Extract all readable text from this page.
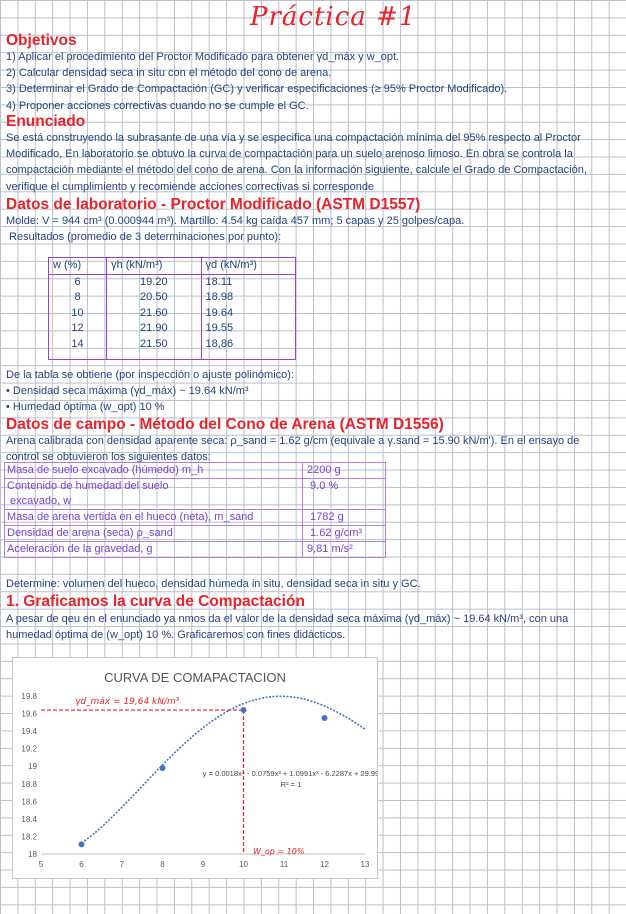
Práctica #1
Objetivos

1) Aplicar el procedimiento del Proctor Modificado para obtener γd_máx y w_opt.

2) Calcular densidad seca in situ con el método del cono de arena.

3) Determinar el Grado de Compactación (GC) y verificar especificaciones (≥ 95% Proctor Modificado).

4) Proponer acciones correctivas cuando no se cumple el GC.

Enunciado

Se está construyendo la subrasante de una vía y se especifica una compactación mínima del 95% respecto al Proctor

Modificado, En laboratorio se obtuvo la curva de compactación para un suelo arenoso limoso. En obra se controla la

compactación mediante el método del cono de arena. Con la información siguiente, calcule el Grado de Compactación,

verifique el cumplimiento y recomiende acciones correctivas si corresponde

Datos de laboratorio - Proctor Modificado (ASTM D1557)

Molde: V = 944 cm³ (0.000944 m³). Martillo: 4.54 kg caída 457 mm; 5 capas y 25 golpes/capa.

Resultados (promedio de 3 determinaciones por punto):

w (%)	γh (kN/m³)	γd (kN/m³)
6	19.20	18.11
8	20.50	18.98
10	21.60	19.64
12	21.90	19.55
14	21.50	18,86

De la tabla se obtiene (por inspección o ajuste polinómico):

• Densidad seca máxima (γd_máx) ~ 19.64 kN/m³

• Humedad óptima (w_opt) 10 %

Datos de campo - Método del Cono de Arena (ASTM D1556)

Arena calibrada con densidad aparente seca: ρ_sand = 1.62 g/cm (equivale a γ.sand = 15.90 kN/m'). En el ensayo de

control se obtuvieron los siguientes datos:

Masa de suelo excavado (húmedo) m_h	2200 g
Contenido de humedad del suelo
excavado, w	9.0 %
Masa de arena vertida en el hueco (neta), m_sand	1782 g
Densidad de arena (seca) ρ_sand	1.62 g/cm³
Aceleración de la gravedad, g	9,81 m/s²
Determine: volumen del hueco, densidad húmeda in situ, densidad seca in situ y GC.
1. Graficamos la curva de Compactación

A pesar de qeu en el enunciado ya nmos da el valor de la densidad seca máxima (γd_máx) ~ 19.64 kN/m³, con una

humedad óptima de (w_opt) 10 %. Graficaremos con fines didácticos.

CURVA DE COMAPACTACION
18
18.2
18.4
18.6
18.8
19
19.2
19.4
19.6
19.8
5	6	7	8	9	10	11	12	13
y = 0.0018x⁴ - 0.0759x³ + 1.0991x² - 6.2287x + 29.99
R² = 1
γd_máx = 19,64 kN/m³
W_op = 10%
